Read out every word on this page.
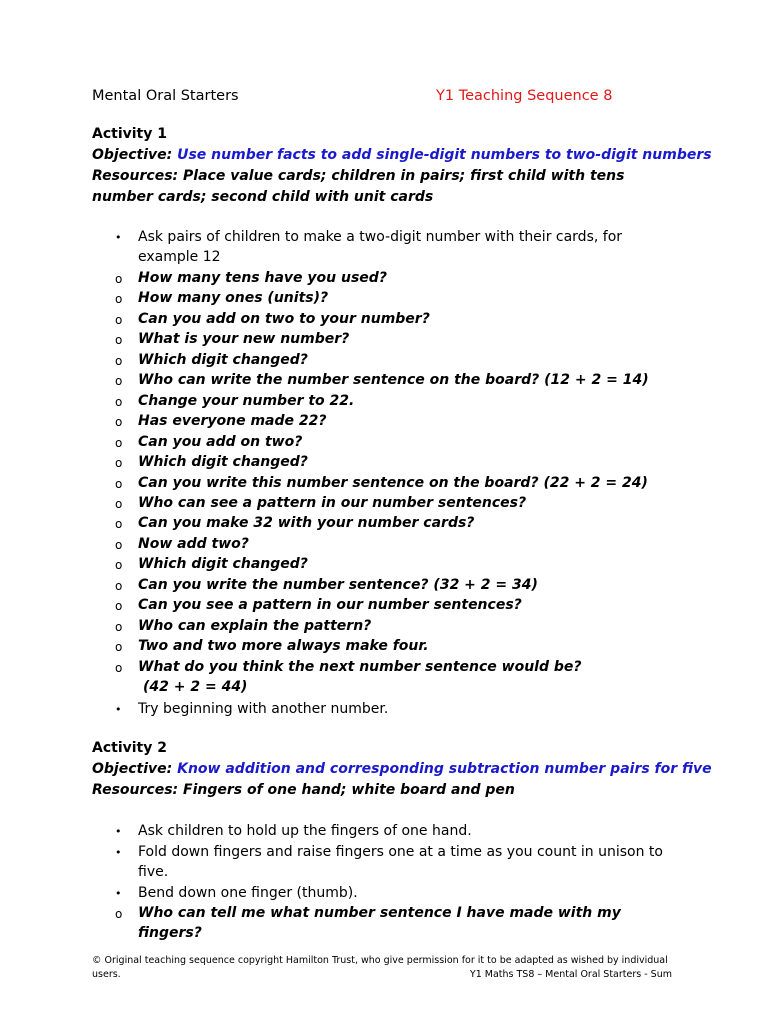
Mental Oral Starters	Y1 Teaching Sequence 8
Activity 1
Objective: Use number facts to add single-digit numbers to two-digit numbers
Resources: Place value cards; children in pairs; first child with tens number cards; second child with unit cards
•	Ask pairs of children to make a two-digit number with their cards, for example 12
o	How many tens have you used?
o	How many ones (units)?
o	Can you add on two to your number?
o	What is your new number?
o	Which digit changed?
o	Who can write the number sentence on the board? (12 + 2 = 14)
o	Change your number to 22.
o	Has everyone made 22?
o	Can you add on two?
o	Which digit changed?
o	Can you write this number sentence on the board? (22 + 2 = 24)
o	Who can see a pattern in our number sentences?
o	Can you make 32 with your number cards?
o	Now add two?
o	Which digit changed?
o	Can you write the number sentence? (32 + 2 = 34)
o	Can you see a pattern in our number sentences?
o	Who can explain the pattern?
o	Two and two more always make four.
o	What do you think the next number sentence would be?
(42 + 2 = 44)
•	Try beginning with another number.
Activity 2
Objective: Know addition and corresponding subtraction number pairs for five
Resources: Fingers of one hand; white board and pen
•	Ask children to hold up the fingers of one hand.
•	Fold down fingers and raise fingers one at a time as you count in unison to five.
•	Bend down one finger (thumb).
o	Who can tell me what number sentence I have made with my fingers?
© Original teaching sequence copyright Hamilton Trust, who give permission for it to be adapted as wished by individual
users.	Y1 Maths TS8 – Mental Oral Starters - Sum
